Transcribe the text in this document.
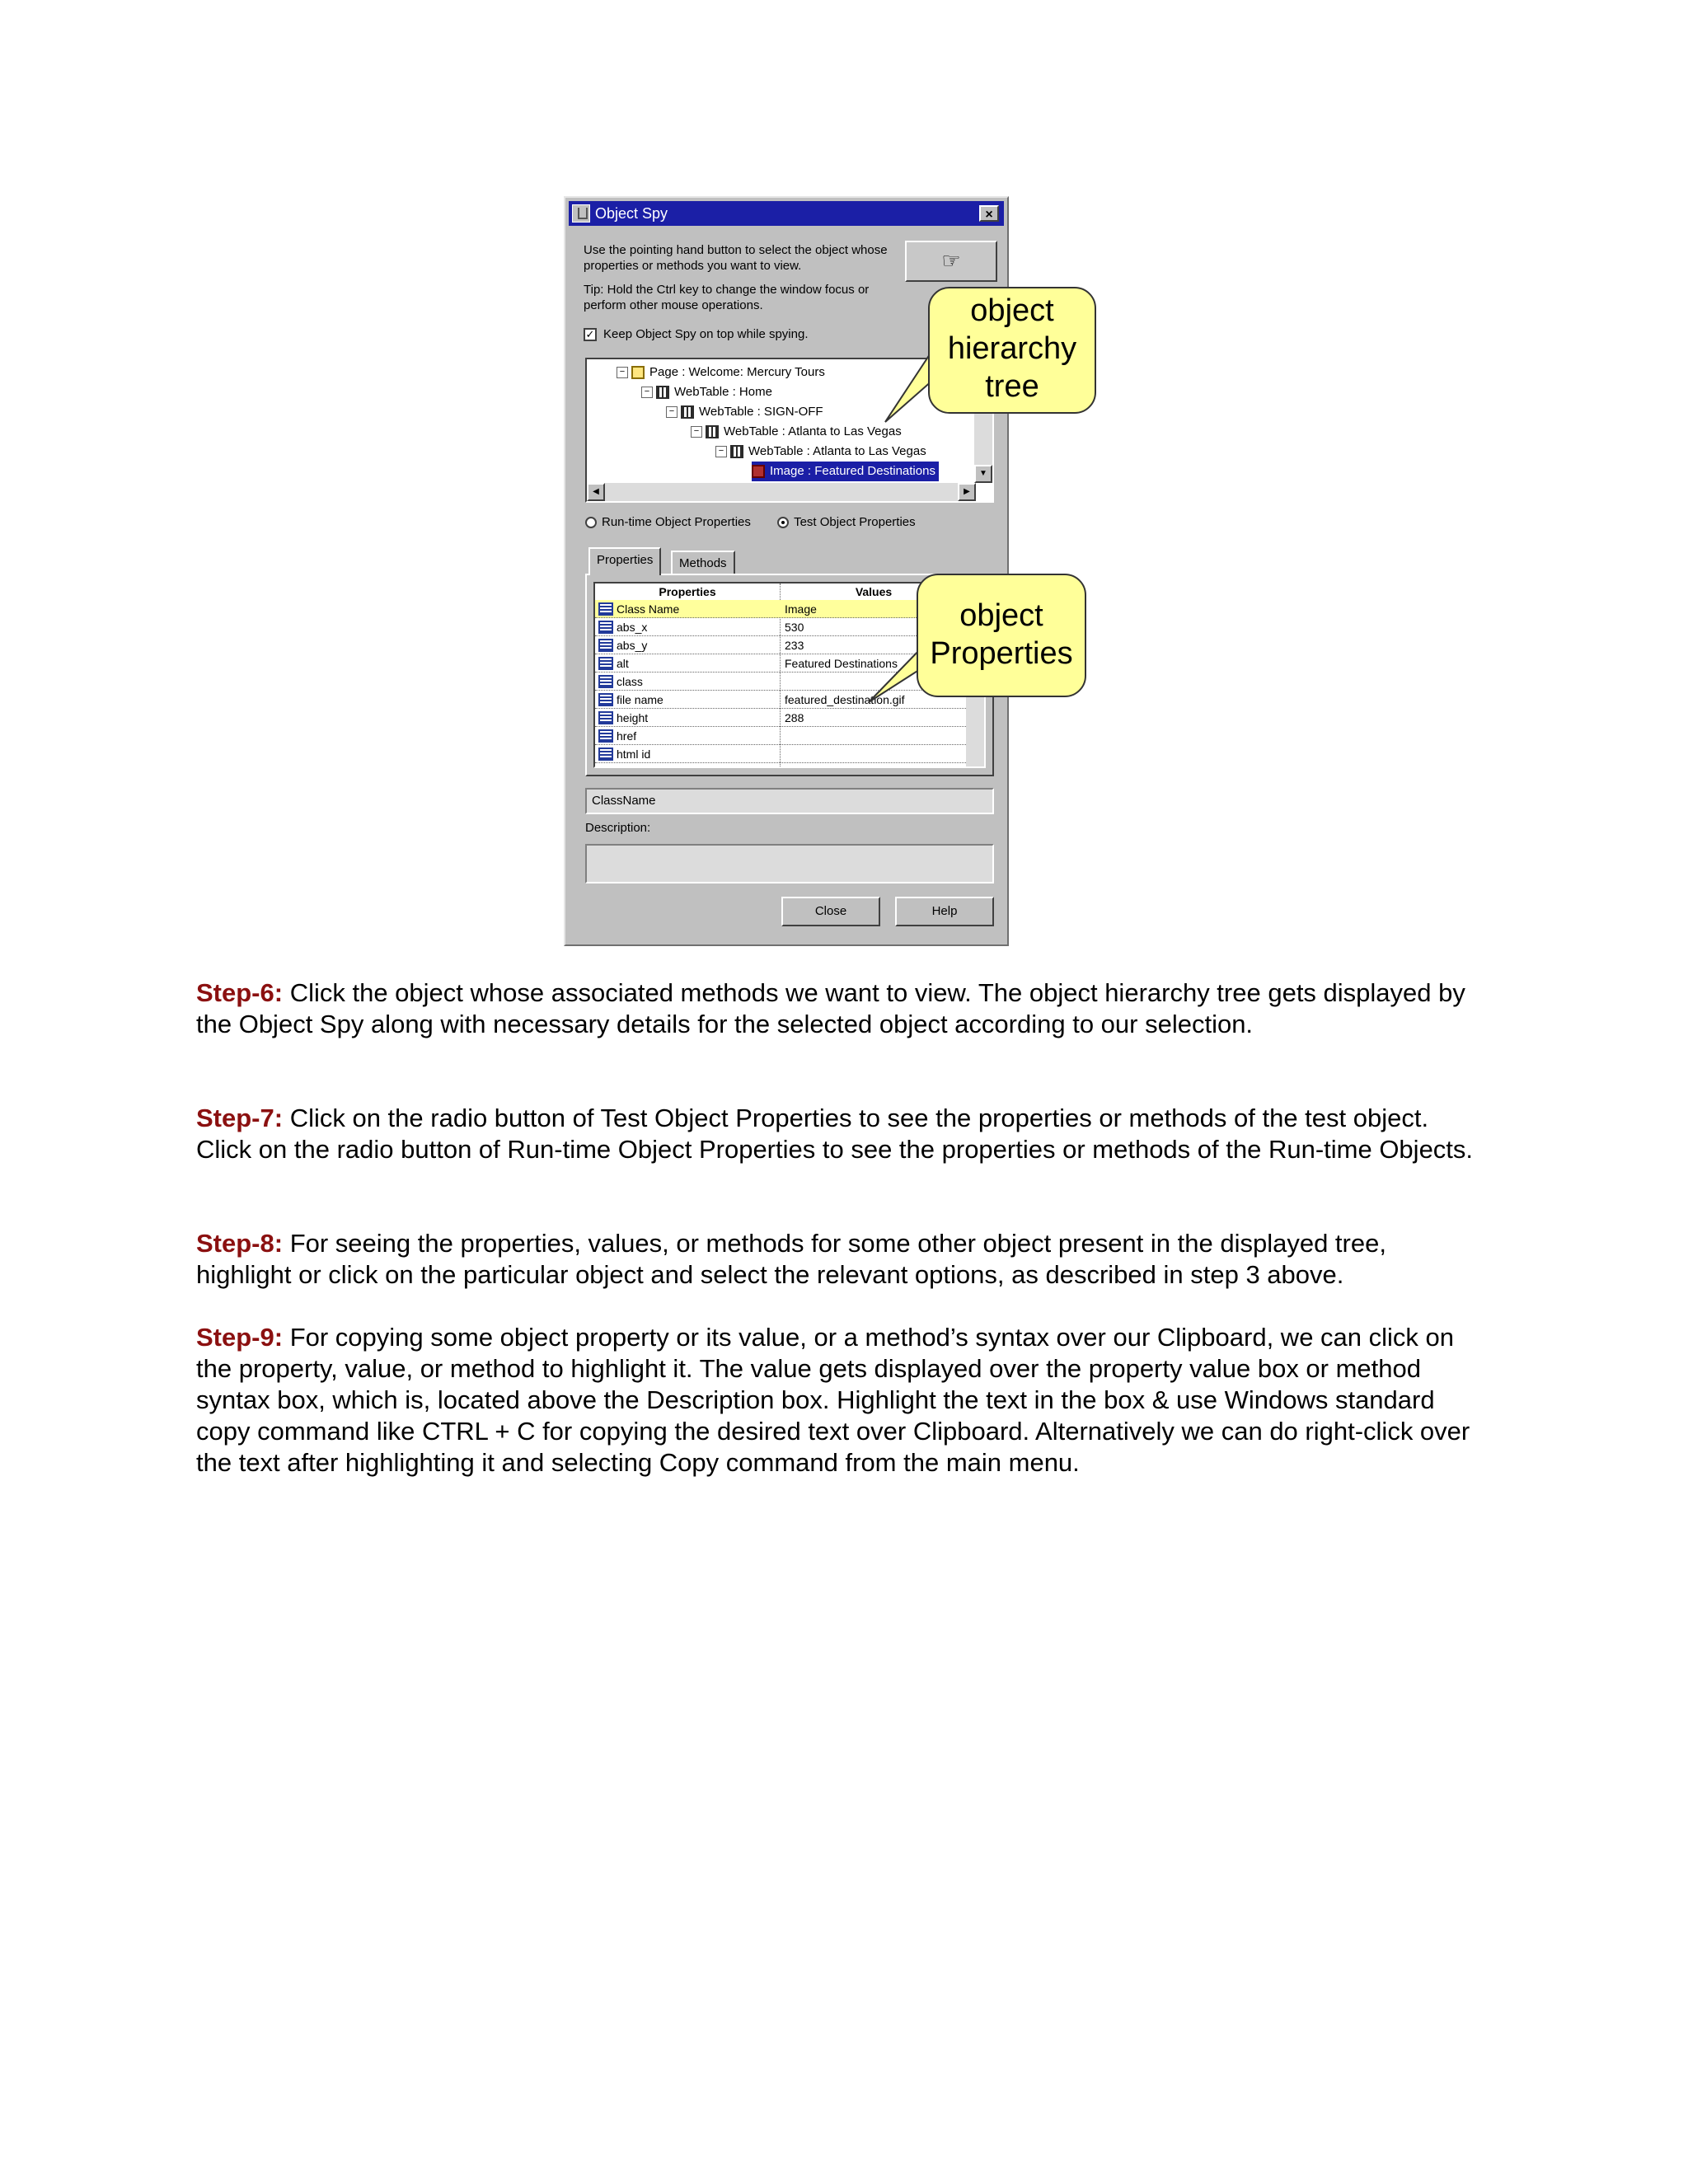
Object Spy	×
Use the pointing hand button to select the object whose properties or methods you want to view.
Tip: Hold the Ctrl key to change the window focus or perform other mouse operations.
☞
✓ Keep Object Spy on top while spying.
− Page : Welcome: Mercury Tours
− WebTable : Home
− WebTable : SIGN-OFF
− WebTable : Atlanta to Las Vegas
− WebTable : Atlanta to Las Vegas
Image : Featured Destinations	▼
◀	▶
Run-time Object Properties	Test Object Properties
Properties	Methods
Properties	Values
Class Name	Image
abs_x	530
abs_y	233
alt	Featured Destinations
class
file name	featured_destination.gif
height	288
href
html id
ClassName
Description:
Close	Help
object
hierarchy
tree
object
Properties

Step-6: Click the object whose associated methods we want to view. The object hierarchy tree gets displayed by the Object Spy along with necessary details for the selected object according to our selection.

Step-7: Click on the radio button of Test Object Properties to see the properties or methods of the test object. Click on the radio button of Run-time Object Properties to see the properties or methods of the Run-time Objects.

Step-8: For seeing the properties, values, or methods for some other object present in the displayed tree, highlight or click on the particular object and select the relevant options, as described in step 3 above.

Step-9: For copying some object property or its value, or a method’s syntax over our Clipboard, we can click on the property, value, or method to highlight it. The value gets displayed over the property value box or method syntax box, which is, located above the Description box. Highlight the text in the box & use Windows standard copy command like CTRL + C for copying the desired text over Clipboard. Alternatively we can do right-click over the text after highlighting it and selecting Copy command from the main menu.
